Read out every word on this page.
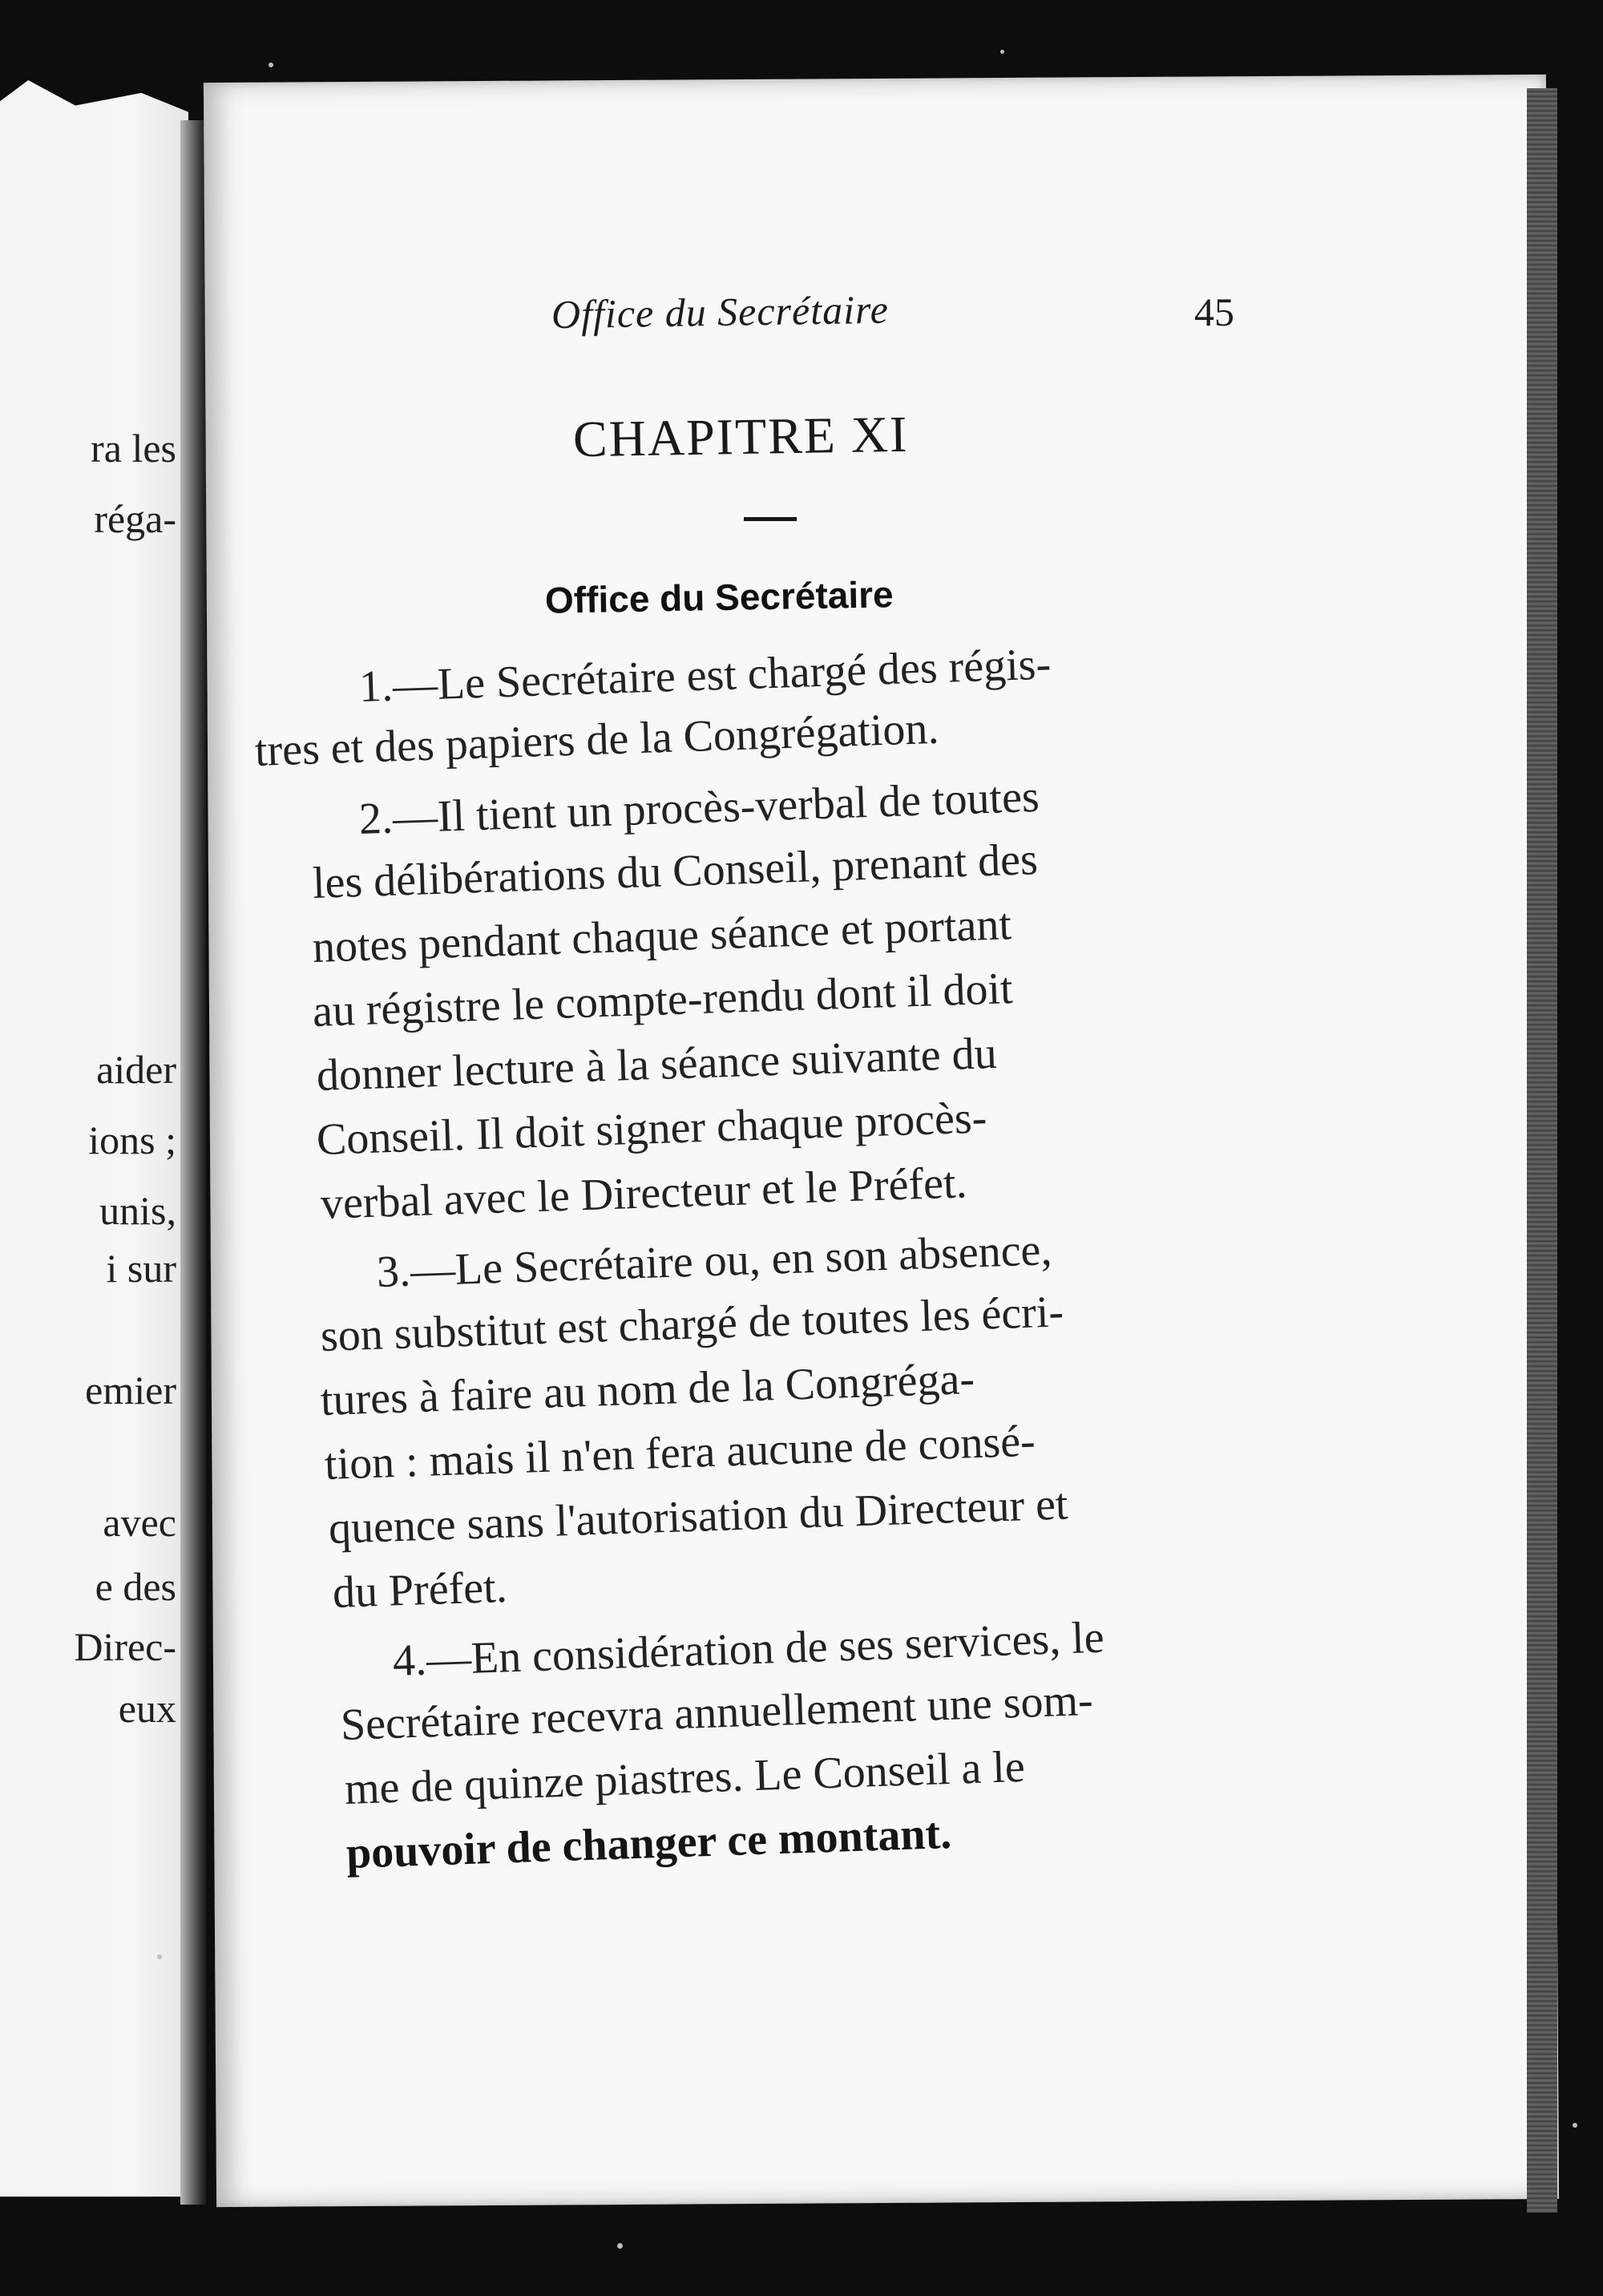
ra les
réga-
aider
ions ;
unis,
i sur
emier
avec
e des
Direc-
eux
Office du Secrétaire	45
CHAPITRE XI
Office du Secrétaire
1.—Le Secrétaire est chargé des régis-
tres et des papiers de la Congrégation.
2.—Il tient un procès-verbal de toutes
les délibérations du Conseil, prenant des
notes pendant chaque séance et portant
au régistre le compte-rendu dont il doit
donner lecture à la séance suivante du
Conseil. Il doit signer chaque procès-
verbal avec le Directeur et le Préfet.
3.—Le Secrétaire ou, en son absence,
son substitut est chargé de toutes les écri-
tures à faire au nom de la Congréga-
tion : mais il n'en fera aucune de consé-
quence sans l'autorisation du Directeur et
du Préfet.
4.—En considération de ses services, le
Secrétaire recevra annuellement une som-
me de quinze piastres. Le Conseil a le
pouvoir de changer ce montant.
